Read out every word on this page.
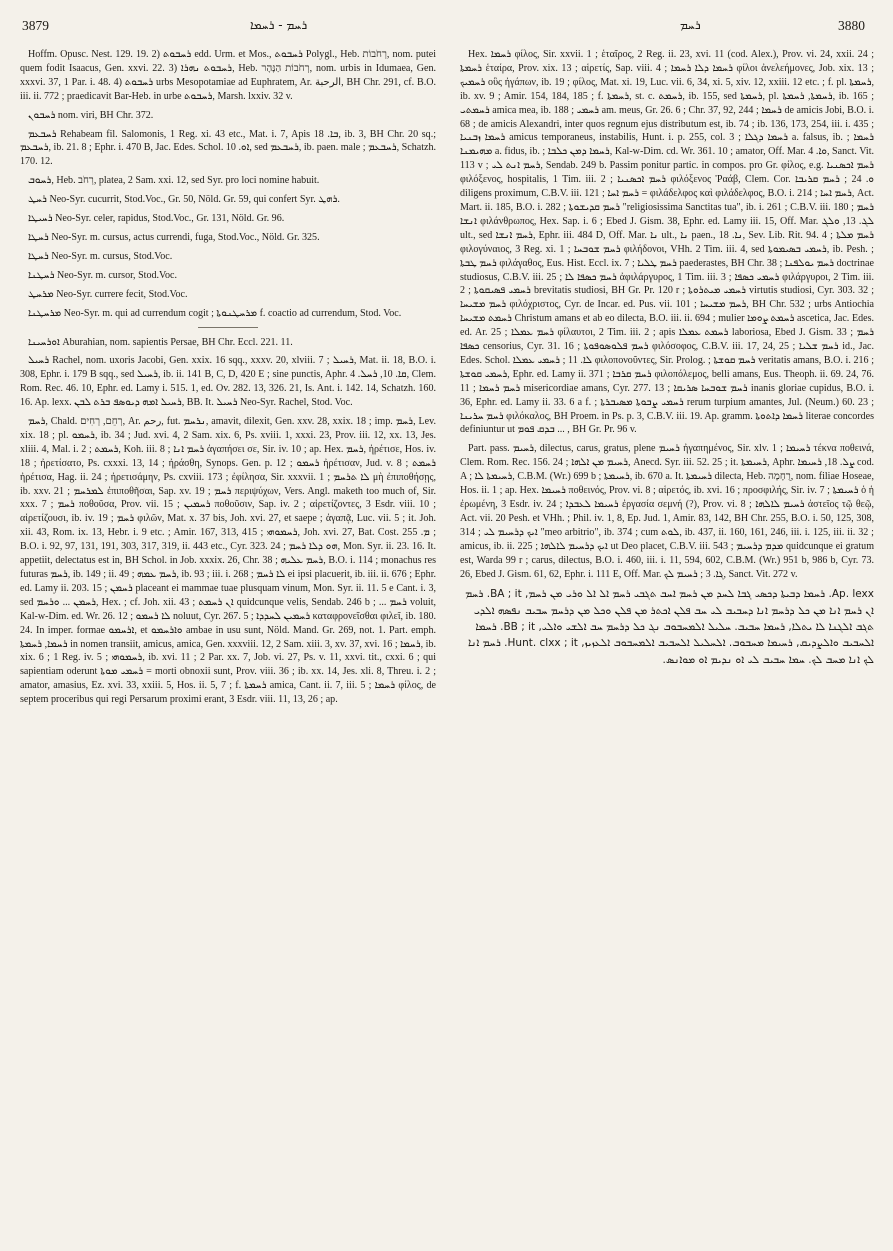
3879	ܪܚܡ - ܪܚܡܐ	ܪܚܡ	3880

Hoffm. Opusc. Nest. 129. 19. 2) ܪܚܒܘܬ edd. Urm. et Mos., ܪܚܒܘܬ Polygl., Heb. רְחֹבוֹת, nom. putei quem fodit Isaacus, Gen. xxvi. 22. 3) ܪܚܒܘܬ ܢܗܪܐ, Heb. רְחֹבוֹת הַנָּהָר, nom. urbis in Idumaea, Gen. xxxvi. 37, 1 Par. i. 48. 4) ܪܚܒܘܬ urbs Mesopotamiae ad Euphratem, Ar. الرحبة, BH Chr. 291, cf. B.O. iii. ii. 772 ; praedicavit Bar-Heb. in urbe ܪܚܒܘܬ, Marsh. lxxiv. 32 v.

ܪܚܒܘܢ nom. viri, BH Chr. 372.

ܪܚܒܥܡ Rehabeam fil. Salomonis, 1 Reg. xi. 43 etc., Mat. i. 7, Apis ܒܐ. 18, ib. 3, BH Chr. 20 sq.; ܪܚܒܥܡ, ib. 21. 8 ; Ephr. i. 470 B, Jac. Edes. Schol. ܐܘ. 10, sed ܪܚܒܥܡ, ib. paen. male ; ܪܚܒܥܡ, Schatzh. 170. 12.

ܪܚܘܒ, Heb. רְחֹב, platea, 2 Sam. xxi. 12, sed Syr. pro loci nomine habuit.

ܪܚܛ Neo-Syr. cucurrit, Stod.Voc., Gr. 50, Nöld. Gr. 59, qui confert Syr. ܪܗܛ.

ܪܚܝܛܐ Neo-Syr. celer, rapidus, Stod.Voc., Gr. 131, Nöld. Gr. 96.

ܪܚܛܐ Neo-Syr. m. cursus, actus currendi, fuga, Stod.Voc., Nöld. Gr. 325.

ܪܚܛܐ Neo-Syr. m. cursus, Stod.Voc.

ܪܚܛܢܐ Neo-Syr. m. cursor, Stod.Voc.

ܡܪܚܛ Neo-Syr. currere fecit, Stod.Voc.

ܡܪܚܛܢܐ Neo-Syr. m. qui ad currendum cogit ; ܡܪܚܛܢܘܬܐ f. coactio ad currendum, Stod. Voc.

ܐܘܪܚܝܢܐ Aburahian, nom. sapientis Persae, BH Chr. Eccl. 221. 11.

ܪܚܝܠ Rachel, nom. uxoris Jacobi, Gen. xxix. 16 sqq., xxxv. 20, xlviii. 7 ; ܪܚܝܠ, Mat. ii. 18, B.O. i. 308, Ephr. i. 179 B sqq., sed ܪܚܝܠ, ib. ii. 141 B, C, D, 420 E ; sine punctis, Aphr. ܩܐ. 10, ܪܚܠ. 4, Clem. Rom. Rec. 46. 10, Ephr. ed. Lamy i. 515. 1, ed. Ov. 282. 13, 326. 21, Is. Ant. i. 142. 14, Schatzh. 160. 16. Ap. lexx. ܪܚܝܠ ܐܡܗ ܕܝܘܣܦ ܒܪܬ ܠܒܢ, BB. It. ܪܚܝܠ Neo-Syr. Rachel, Stod. Voc.

ܪܚܡ, Chald. רְחֵם, רְחִים, Ar. رحم, fut. ܢܪܚܡ, amavit, dilexit, Gen. xxv. 28, xxix. 18 ; imp. ܪܚܡ, Lev. xix. 18 ; pl. ܪܚܡܘ, ib. 34 ; Jud. xvi. 4, 2 Sam. xix. 6, Ps. xviii. 1, xxxi. 23, Prov. iii. 12, xx. 13, Jes. xliii. 4, Mal. i. 2 ; ܪܚܡܬ, Koh. iii. 8 ; ܪܚܡ ܐܢܐ ἀγαπήσει σε, Sir. iv. 10 ; ap. Hex. ܪܚܡ, ἠρέτισε, Hos. iv. 18 ; ἠρετίσατο, Ps. cxxxi. 13, 14 ; ἠράσθη, Synops. Gen. p. 12 ; ܪܚܡܘ ἠρέτισαν, Jud. v. 8 ; ܪܚܡܬ ἠρέτισα, Hag. ii. 24 ; ἠρετισάμην, Ps. cxviii. 173 ; ἐφίλησα, Sir. xxxvii. 1 ; ܠܐ ܬܪܚܡ μὴ ἐπιποθήσῃς, ib. xxv. 21 ; ܠܡܪܚܡ ἐπιποθῆσαι, Sap. xv. 19 ; ܪܚܡ περιψύχων, Vers. Angl. maketh too much of, Sir. xxx. 7 ; ܪܚܡ ποθοῦσα, Prov. vii. 15 ; ܪܚܡܝܢ ποθοῦσιν, Sap. iv. 2 ; αἱρετίζοντες, 3 Esdr. viii. 10 ; αἱρετίζουσι, ib. iv. 19 ; ܪܚܡ φιλῶν, Mat. x. 37 bis, Joh. xvi. 27, et saepe ; ἀγαπᾷ, Luc. vii. 5 ; it. Joh. xii. 43, Rom. ix. 13, Hebr. i. 9 etc. ; Amir. 167, 313, 415 ; ܪܚܡܘܗܝ, Joh. xvi. 27, Bat. Cost. ܡ. 255 ; B.O. i. 92, 97, 131, 191, 303, 317, 319, ii. 443 etc., Cyr. 323. 24 ; ܗܘ ܕܠܐ ܪܚܡ, Mon. Syr. ii. 23. 16. It. appetiit, delectatus est in, BH Schol. in Job. xxxix. 26, Chr. 38 ; ܪܚܡ ܥܠܝܗ, B.O. i. 114 ; monachus res futuras ܪܚܡ, ib. 149 ; ii. 49 ; ܪܚܡ ܥܡܗ, ib. 93 ; iii. i. 268 ; ܠܐ ܪܚܡ ei ipsi placuerit, ib. iii. ii. 676 ; Ephr. ed. Lamy ii. 203. 15 ; ܪܚܡܢ placeant ei mammae tuae plusquam vinum, Mon. Syr. ii. 11. 5 e Cant. i. 3, sed ܪܚܡܢ ... ܘܪܚܡ, Hex. ; cf. Joh. xii. 43 ; ܐܢ ܪܚܡܬ quidcunque velis, Sendab. 246 b ; ... ܪܚܡ voluit, Kal-w-Dim. ed. Wr. 26. 12 ; ܠܐ ܪܚܡܘ noluut, Cyr. 267. 5 ; ܪܚܡܝܢ ܠܚܕܕܐ καταφρονεῖσθαι φιλεῖ, ib. 180. 24. In imper. formae ܐܪܚܡܘ, et ܘܐܪܚܡܘ ambae in usu sunt, Nöld. Mand. Gr. 269, not. 1. Part. emph. ܪܚܡܐ, ܪܚܡܬܐ in nomen transiit, amicus, amica, Gen. xxxviii. 12, 2 Sam. xiii. 3, xv. 37, xvi. 16 ; ܪܚܡܐ, ib. xix. 6 ; 1 Reg. iv. 5 ; ܪܚܡܘܗܝ, ib. xvi. 11 ; 2 Par. xx. 7, Job. vi. 27, Ps. v. 11, xxvi. tit., cxxi. 6 ; qui sapientiam oderunt ܪܚܡܝ ܡܘܬܐ = morti obnoxii sunt, Prov. viii. 36 ; ib. xx. 14, Jes. xli. 8, Threu. i. 2 ; amator, amasius, Ez. xvi. 33, xxiii. 5, Hos. ii. 5, 7 ; f. ܪܚܡܬܐ amica, Cant. ii. 7, iii. 5 ; ܪܚܡܐ φίλος, de septem proceribus qui regi Persarum proximi erant, 3 Esdr. viii. 11, 13, 26 ; ap.

Hex. ܪܚܡܐ φίλος, Sir. xxvii. 1 ; ἑταῖρος, 2 Reg. ii. 23, xvi. 11 (cod. Alex.), Prov. vi. 24, xxii. 24 ; ܪܚܡܬܐ ἑταίρα, Prov. xix. 13 ; αἱρετίς, Sap. viii. 4 ; ܪܚܡܐ ܕܠܐ ܪܚܡܐ φίλοι ἀνελεήμονες, Job. xix. 13 ; ܪܚܡܝܟ οὓς ἠγάπων, ib. 19 ; φίλος, Mat. xi. 19, Luc. vii. 6, 34, xi. 5, xiv. 12, xxiii. 12 etc. ; f. pl. ܪܚܡܬܐ, ib. xv. 9 ; Amir. 154, 184, 185 ; f. ܪܚܡܬܐ, st. c. ܪܚܡܬ, ib. 155, sed ܪܚܡܬܐ, pl. ܪܚܡܬܐ, ܪܚܡܬܐ, ib. 165 ; ܪܚܡܬܝ amica mea, ib. 188 ; ܪܚܡܝ am. meus, Gr. 26. 6 ; Chr. 37, 92, 244 ; ܪܚܡܐ de amicis Jobi, B.O. i. 68 ; de amicis Alexandri, inter quos regnum ejus distributum est, ib. 74 ; ib. 136, 173, 254, iii. i. 435 ; ܪܚܡܐ ܙܒܢܝܐ amicus temporaneus, instabilis, Hunt. i. p. 255, col. 3 ; ܪܚܡܐ ܕܓܠܐ a. falsus, ib. ; ܪܚܡܐ ܡܗܝܡܢܐ a. fidus, ib. ; ܪܚܡܐ ܕܡܢ ܟܠܒܐ, Kal-w-Dim. cd. Wr. 361. 10 ; amator, Off. Mar. ܘܐ. 4, Sanct. Vit. 113 v ; ܪܚܡ ܐܢܬ ܠܝ, Sendab. 249 b. Passim ponitur partic. in compos. pro Gr. φίλος, e.g. ܪܚܡ ܐܟܣܢܝܐ φιλόξενος, hospitalis, 1 Tim. iii. 2 ; ܪܚܡ ܐܟܣܢܝܐ φιλόξενος Ῥαάβ, Clem. Cor. ܘ. 24 ; ܪܚܡ ܩܪܝܒܐ diligens proximum, C.B.V. iii. 121 ; ܪܚܡ ܐܚܐ = φιλάδελφος καὶ φιλάδελφος, B.O. i. 214 ; ܪܚܡ ܐܚܐ, Act. Mart. ii. 185, B.O. i. 282 ; ܪܚܡ ܩܕܝܫܘܬܐ "religiosissima Sanctitas tua", ib. i. 261 ; C.B.V. iii. 180 ; ܪܚܡ ܐܢܫܐ φιλάνθρωπος, Hex. Sap. i. 6 ; Ebed J. Gism. 38, Ephr. ed. Lamy iii. 15, Off. Mar. ܠܓ. 13, ܘܠܓ ult., sed ܪܚܡ ܐܢܫܐ, Ephr. iii. 484 D, Off. Mar. ܢܐ ult., ܢܐ paen., ܢܐ. 18, Sev. Lib. Rit. 94. 4 ; ܪܚܡ ܡܠܬܐ φιλογύναιος, 3 Reg. xi. 1 ; ܪܚܡ ܫܘܒܚܐ φιλήδονοι, VHh. 2 Tim. iii. 4, sed ܪܚܡܝ ܒܣܝܡܘܬܐ, ib. Pesh. ; ܪܚܡ ܛܒܬܐ φιλάγαθος, Eus. Hist. Eccl. ix. 7 ; ܪܚܡ ܛܠܝܐ paederastes, BH Chr. 38 ; ܪܚܡ ܝܘܠܦܢܐ doctrinae studiosus, C.B.V. iii. 25 ; ܪܚܡ ܟܣܦܐ ܠܐ ἀφιλάργυρος, 1 Tim. iii. 3 ; ܪܚܡܝ ܟܣܦܐ φιλάργυροι, 2 Tim. iii. 2 ; ܪܚܡܝ ܦܣܝܩܘܬܐ brevitatis studiosi, BH Gr. Pr. 120 r ; ܪܚܡܝ ܡܝܬܪܘܬܐ virtutis studiosi, Cyr. 303. 32 ; ܪܚܡ ܡܫܝܚܐ φιλόχριστος, Cyr. de Incar. ed. Pus. vii. 101 ; ܪܚܡ ܡܫܝܚܐ, BH Chr. 532 ; urbs Antiochia ܪܚܡܬ ܡܫܝܚܐ Christum amans et ab eo dilecta, B.O. iii. ii. 694 ; mulier ܪܚܡܬ ܨܘܡܐ ascetica, Jac. Edes. ed. Ar. 25 ; ܪܚܡ ܥܡܠܐ φίλαυτοι, 2 Tim. iii. 2 ; apis ܪܚܡܬ ܥܡܠܐ laboriosa, Ebed J. Gism. 33 ; ܪܚܡ ܟܣܦܐ censorius, Cyr. 31. 16 ; ܪܚܡ ܦܠܘܣܘܦܘܬܐ φιλόσοφος, C.B.V. iii. 17, 24, 25 ; ܪܚܡ ܫܠܝܐ id., Jac. Edes. Schol. ܠܐ. 11 ; ܪܚܡܝ ܥܡܠܐ φιλοπονοῦντες, Sir. Prolog. ; ܪܚܡ ܩܘܫܬܐ veritatis amans, B.O. i. 216 ; ܪܚܡܝ ܩܘܫܬܐ, Ephr. ed. Lamy ii. 371 ; ܪܚܡ ܩܪܒܐ φιλοπόλεμος, belli amans, Eus. Theoph. ii. 69. 24, 76. 11 ; ܪܚܡ ܪܚܡܐ misericordiae amans, Cyr. 277. 13 ; ܪܚܡ ܫܘܒܚܐ ܣܪܝܩܐ inanis gloriae cupidus, B.O. i. 36, Ephr. ed. Lamy ii. 33. 6 a f. ; ܪܚܡܝ ܨܒܘܬܐ ܡܣܝܒܪܬܐ rerum turpium amantes, Jul. (Neum.) 60. 23 ; ܪܚܡ ܚܪܝܢܐ φιλόκαλος, BH Proem. in Ps. p. 3, C.B.V. iii. 19. Ap. gramm. ܪܚܡܐ ܕܐܬܘܬܐ literae concordes definiuntur ut ܒܕܩ ܦܘܡ ... , BH Gr. Pr. 96 v.

Part. pass. ܪܚܝܡ, dilectus, carus, gratus, plene ܪܚܝܡ ἠγαπημένος, Sir. xlv. 1 ; ܪܚܝܡܐ τέκνα ποθεινά, Clem. Rom. Rec. 156. 24 ; ܪܚܝܡ ܡܢ ܐܠܗܐ, Anecd. Syr. iii. 52. 25 ; it. ܪܚܝܡܬܐ, Aphr. ܨܠ. 18, ܪܚܝܡܐ cod. A ; ܪܚܝܡܬܐ ܠܐ, C.B.M. (Wr.) 699 b ; ܪܚܝܡܬܐ, ib. 670 a. It. ܪܚܝܡܬܐ dilecta, Heb. רֻחָמָה, nom. filiae Hoseae, Hos. ii. 1 ; ap. Hex. ܪܚܝܡܐ ποθεινός, Prov. vi. 8 ; αἱρετός, ib. xvi. 16 ; προσφιλής, Sir. iv. 7 ; ܪܚܝܡܬܐ ὁ ἡ ἐρωμένη, 3 Esdr. iv. 24 ; ܪܚܝܡܐ ܠܥܒܕܐ ἐργασία σεμνή (?), Prov. vi. 8 ; ܪܚܝܡ ܠܐܠܗܐ ἀστεῖος τῷ θεῷ, Act. vii. 20 Pesh. et VHh. ; Phil. iv. 1, 8, Ep. Jud. 1, Amir. 83, 142, BH Chr. 255, B.O. i. 50, 125, 308, 314 ; ܐܝܟ ܕܪܚܝܡ ܠܝ "meo arbitrio", ib. 374 ; cum ܠܘܬ, ib. 437, ii. 160, 161, 246, iii. i. 125, iii. ii. 32 ; amicus, ib. ii. 225 ; ܐܝܟ ܕܪܚܝܡ ܠܐܠܗܐ ut Deo placet, C.B.V. iii. 543 ; ܡܕܡ ܕܪܚܝܡ quidcunque ei gratum est, Warda 99 r ; carus, dilectus, B.O. i. 460, iii. i. 11, 594, 602, C.B.M. (Wr.) 951 b, 986 b, Cyr. 73. 26, Ebed J. Gism. 61, 62, Ephr. i. 111 E, Off. Mar. ܓܐ. 3 ; ܪܚܝܡ ܠܟ, Sanct. Vit. 272 v.

Ap. lexx. ܪܚܡܐ ܕܒܝܬܐ ܕܟܣܝ ܓܒܐ ܠܚܕ ܡܢ ܪܚܡ ܐܚܒ ܬܓܒܝ ܪܚܡ ܐܠ ܐܠ ܘܪܝ ܡܢ ܪܚܡ, BA ; it. ܪܚܡ ܐܢ ܪܚܡ ܐܢܐ ܡܢ ܟܠ ܕܪܚܡ ܐܢܐ ܕܚܒܝܒ ܠܝ ܚܒ ܦܠܢ ܐܟܬܪ ܡܢ ܦܠܢ ܘܟܠ ܡܢ ܕܪܚܡ ܚܒܝܒ ܢܦܣܗ ܐܠܕܝ ܬܓܒ ܐܠܓܢܐ ܠܐ ܝܬܠܐ, ܪܚܡܐ ܚܒܝܒ. ܚܠܝܠ ܐܠܡܚܒܘܒ ܢܓ ܟܠ ܕܪܚܡ ܚܒ ܐܠܫܝ ܘܐܠܝ, BB ; it. ܪܚܡܐ ܐܠܚܒܝܒ ܘܐܠܨܕܝܩ, ܪܚܝܡܐ ܡܚܒܘܒ. ܐܠܚܠܝܠ ܐܠܚܒܝܒ ܐܠܡܚܒܘܒ ܐܠܥܙܝܙ, Hunt. clxx ; it. ܪܚܡ ܐܢܐ ܠܟ ܐܢܐ ܡܚܒ ܠܟ. ܚܡܐ ܚܒܝܒ ܠܝ ܐܘ ܢܕܝܡ ܐܘ ܡܘܐܢܣ.
